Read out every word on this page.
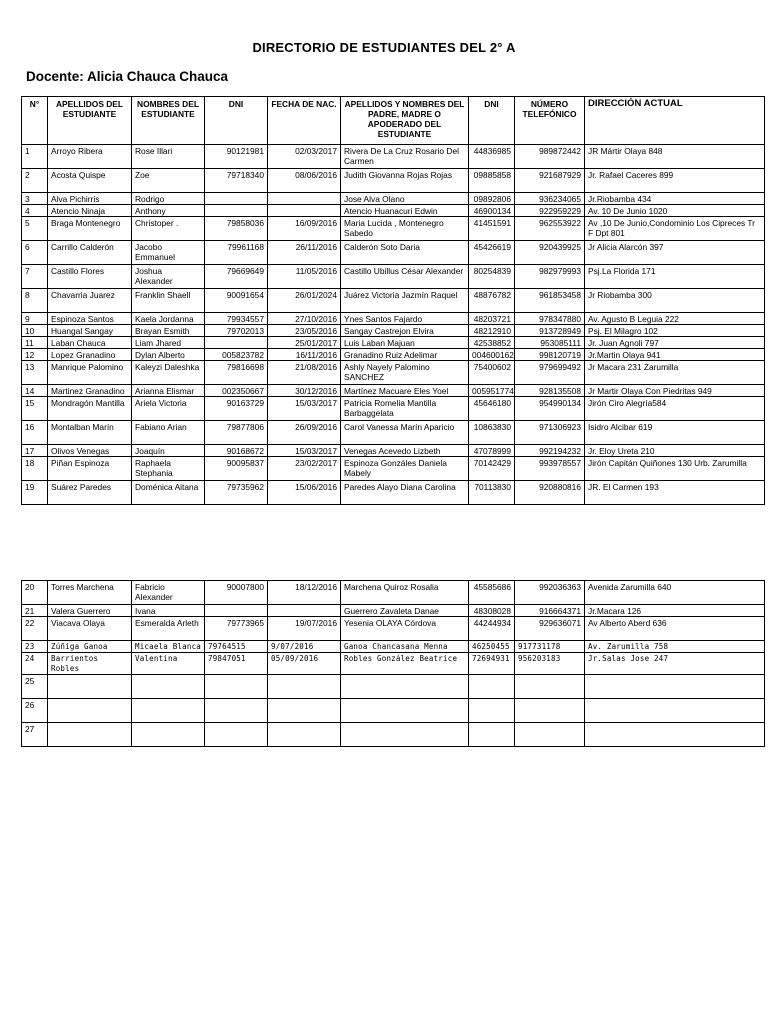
DIRECTORIO DE ESTUDIANTES DEL 2° A
Docente: Alicia Chauca Chauca
N°	APELLIDOS DEL ESTUDIANTE	NOMBRES DEL ESTUDIANTE	DNI	FECHA DE NAC.	APELLIDOS Y NOMBRES DEL PADRE, MADRE O APODERADO DEL ESTUDIANTE	DNI	NÚMERO TELEFÓNICO	DIRECCIÓN ACTUAL
1	Arroyo Ribera	Rose Illari	90121981	02/03/2017	Rivera De La Cruz Rosario Del Carmen	44836985	989872442	JR Mártir Olaya 848
2	Acosta Quispe	Zoe	79718340	08/06/2016	Judith Giovanna Rojas Rojas	09885858	921687929	Jr. Rafael Caceres 899
3	Alva Pichirris	Rodrigo			Jose Alva Olano	09892806	936234065	Jr.Riobamba 434
4	Atencio Ninaja	Anthony			Atencio Huanacuri Edwin	46900134	922959229	Av. 10 De Junio 1020
5	Braga Montenegro	Christoper .	79858036	16/09/2016	Maria Lucida , Montenegro Sabedo	41451591	962553922	Av ,10 De Junio,Condominio Los Cipreces Tr F Dpt 801
6	Carrillo Calderón	Jacobo Emmanuel	79961168	26/11/2016	Calderón Soto Daria	45426619	920439925	Jr Alicia Alarcón 397
7	Castillo Flores	Joshua Alexander	79669649	11/05/2016	Castillo Ubillus César Alexander	80254839	982979993	Psj.La Florida 171
8	Chavarria Juarez	Franklin Shaell	90091654	26/01/2024	Juárez Victoria Jazmín Raquel	48876782	961853458	Jr Riobamba 300
9	Espinoza Santos	Kaela Jordanna	79934557	27/10/2016	Ynes Santos Fajardo	48203721	978347880	Av. Agusto B Leguia 222
10	Huangal Sangay	Brayan Esmith	79702013	23/05/2016	Sangay Castrejon Elvira	48212910	913728949	Psj. El Milagro 102
11	Laban Chauca	Liam Jhared		25/01/2017	Luis Laban Majuan	42538852	953085111	Jr. Juan Agnoli 797
12	Lopez Granadino	Dylan Alberto	005823782	16/11/2016	Granadino Ruiz Adelimar	004600162	998120719	Jr.Martin Olaya 941
13	Manrique Palomino	Kaleyzi Daleshka	79816698	21/08/2016	Ashly Nayely Palomino SANCHEZ	75400602	979699492	Jr Macara 231 Zarumilla
14	Martinez Granadino	Arianna Elismar	002350667	30/12/2016	Martínez Macuare Eles Yoel	005951774	928135508	Jr Martir Olaya Con Piedritas 949
15	Mondragón Mantilla	Ariela Victoria	90163729	15/03/2017	Patricia Romelia Mantilla Barbaggelata	45646180	954990134	Jirón Ciro Alegría584
16	Montalban Marín	Fabiano Arian	79877806	26/09/2016	Carol Vanessa Marín Aparicio	10863830	971306923	Isidro Alcibar 619
17	Olivos Venegas	Joaquín	90168672	15/03/2017	Venegas Acevedo Lizbeth	47078999	992194232	Jr. Eloy Ureta 210
18	Piñan Espinoza	Raphaela Stephania	90095837	23/02/2017	Espinoza Gonzáles Daniela Mabely	70142429	993978557	Jirón Capitán Quiñones 130 Urb. Zarumilla
19	Suárez Paredes	Doménica Aitana	79735962	15/06/2016	Paredes Alayo Diana Carolina	70113830	920880816	JR. El Carmen 193
20	Torres Marchena	Fabricio Alexander	90007800	18/12/2016	Marchena Quiroz Rosalia	45585686	992036363	Avenida Zarumilla 640
21	Valera Guerrero	Ivana			Guerrero Zavaleta Danae	48308028	916664371	Jr.Macara 126
22	Viacava Olaya	Esmeralda Arleth	79773965	19/07/2016	Yesenia OLAYA Córdova	44244934	929636071	Av Alberto Aberd 636
23	Zúñiga Ganoa	Micaela Blanca	79764515	9/07/2016	Ganoa Chancasana Menna	46250455	917731178	Av. Zarumilla 758
24	Barrientos Robles	Valentina	79847051	05/09/2016	Robles González Beatrice	72694931	956203183	Jr.Salas Jose 247
25								
26								
27								
